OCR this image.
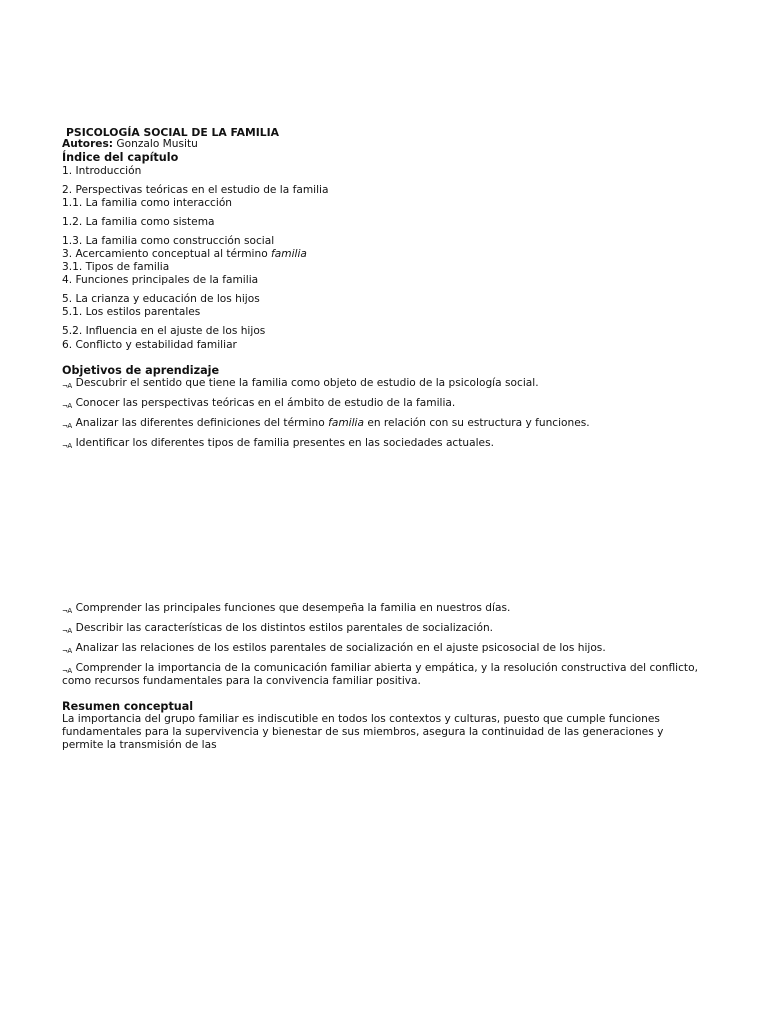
PSICOLOGÍA SOCIAL DE LA FAMILIA
Autores: Gonzalo Musitu
Índice del capítulo
1. Introducción
2. Perspectivas teóricas en el estudio de la familia
1.1. La familia como interacción
1.2. La familia como sistema
1.3. La familia como construcción social
3. Acercamiento conceptual al término familia
3.1. Tipos de familia
4. Funciones principales de la familia
5. La crianza y educación de los hijos
5.1. Los estilos parentales
5.2. Influencia en el ajuste de los hijos
6. Conflicto y estabilidad familiar
Objetivos de aprendizaje
¬A Descubrir el sentido que tiene la familia como objeto de estudio de la psicología social.
¬A Conocer las perspectivas teóricas en el ámbito de estudio de la familia.
¬A Analizar las diferentes definiciones del término familia en relación con su estructura y funciones.
¬A Identificar los diferentes tipos de familia presentes en las sociedades actuales.
¬A Comprender las principales funciones que desempeña la familia en nuestros días.
¬A Describir las características de los distintos estilos parentales de socialización.
¬A Analizar las relaciones de los estilos parentales de socialización en el ajuste psicosocial de los hijos.
¬A Comprender la importancia de la comunicación familiar abierta y empática, y la resolución constructiva del conflicto,
como recursos fundamentales para la convivencia familiar positiva.
Resumen conceptual
La importancia del grupo familiar es indiscutible en todos los contextos y culturas, puesto que cumple funciones
fundamentales para la supervivencia y bienestar de sus miembros, asegura la continuidad de las generaciones y
permite la transmisión de las
